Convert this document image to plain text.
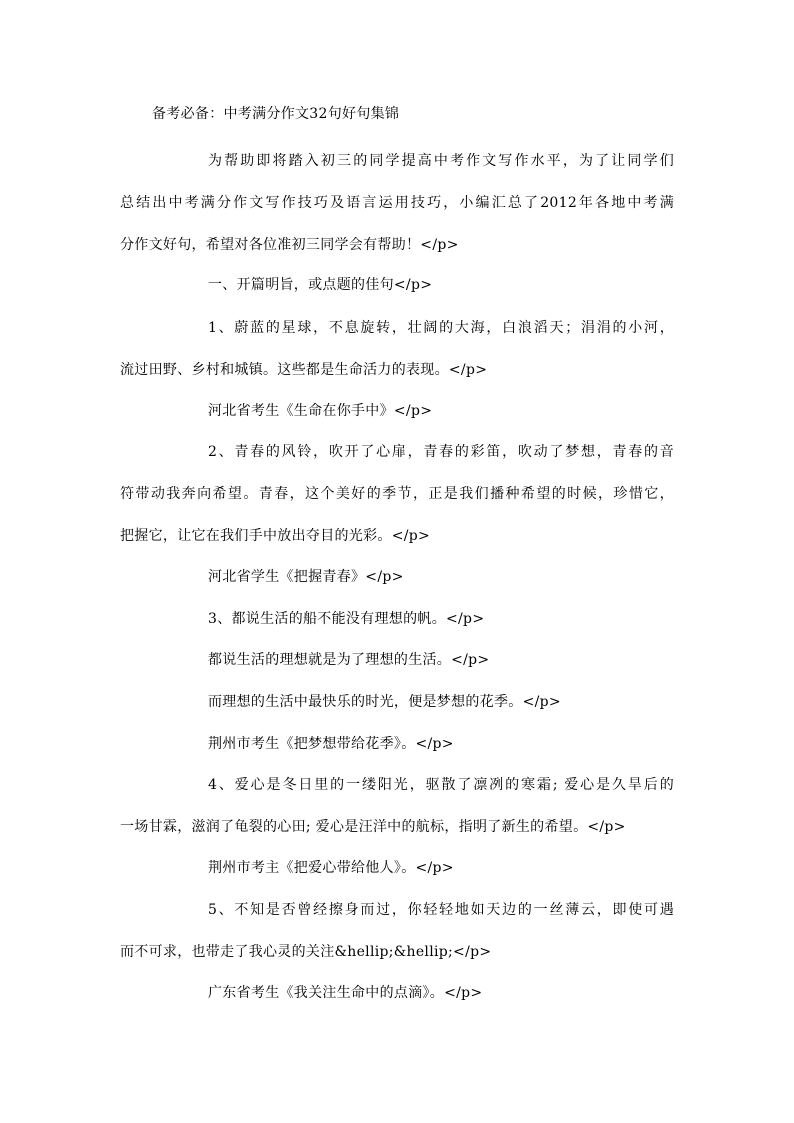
备考必备：中考满分作文32句好句集锦
为帮助即将踏入初三的同学提高中考作文写作水平，为了让同学们
总结出中考满分作文写作技巧及语言运用技巧，小编汇总了2012年各地中考满
分作文好句，希望对各位准初三同学会有帮助！</p>
一、开篇明旨，或点题的佳句</p>
1、蔚蓝的星球，不息旋转，壮阔的大海，白浪滔天；涓涓的小河，
流过田野、乡村和城镇。这些都是生命活力的表现。</p>
河北省考生《生命在你手中》</p>
2、青春的风铃，吹开了心扉，青春的彩笛，吹动了梦想，青春的音
符带动我奔向希望。青春，这个美好的季节，正是我们播种希望的时候，珍惜它，
把握它，让它在我们手中放出夺目的光彩。</p>
河北省学生《把握青春》</p>
3、都说生活的船不能没有理想的帆。</p>
都说生活的理想就是为了理想的生活。</p>
而理想的生活中最快乐的时光，便是梦想的花季。</p>
荆州市考生《把梦想带给花季》。</p>
4、爱心是冬日里的一缕阳光，驱散了凛冽的寒霜; 爱心是久旱后的
一场甘霖，滋润了龟裂的心田; 爱心是汪洋中的航标，指明了新生的希望。</p>
荆州市考主《把爱心带给他人》。</p>
5、不知是否曾经擦身而过，你轻轻地如天边的一丝薄云，即使可遇
而不可求，也带走了我心灵的关注&hellip;&hellip;</p>
广东省考生《我关注生命中的点滴》。</p>
